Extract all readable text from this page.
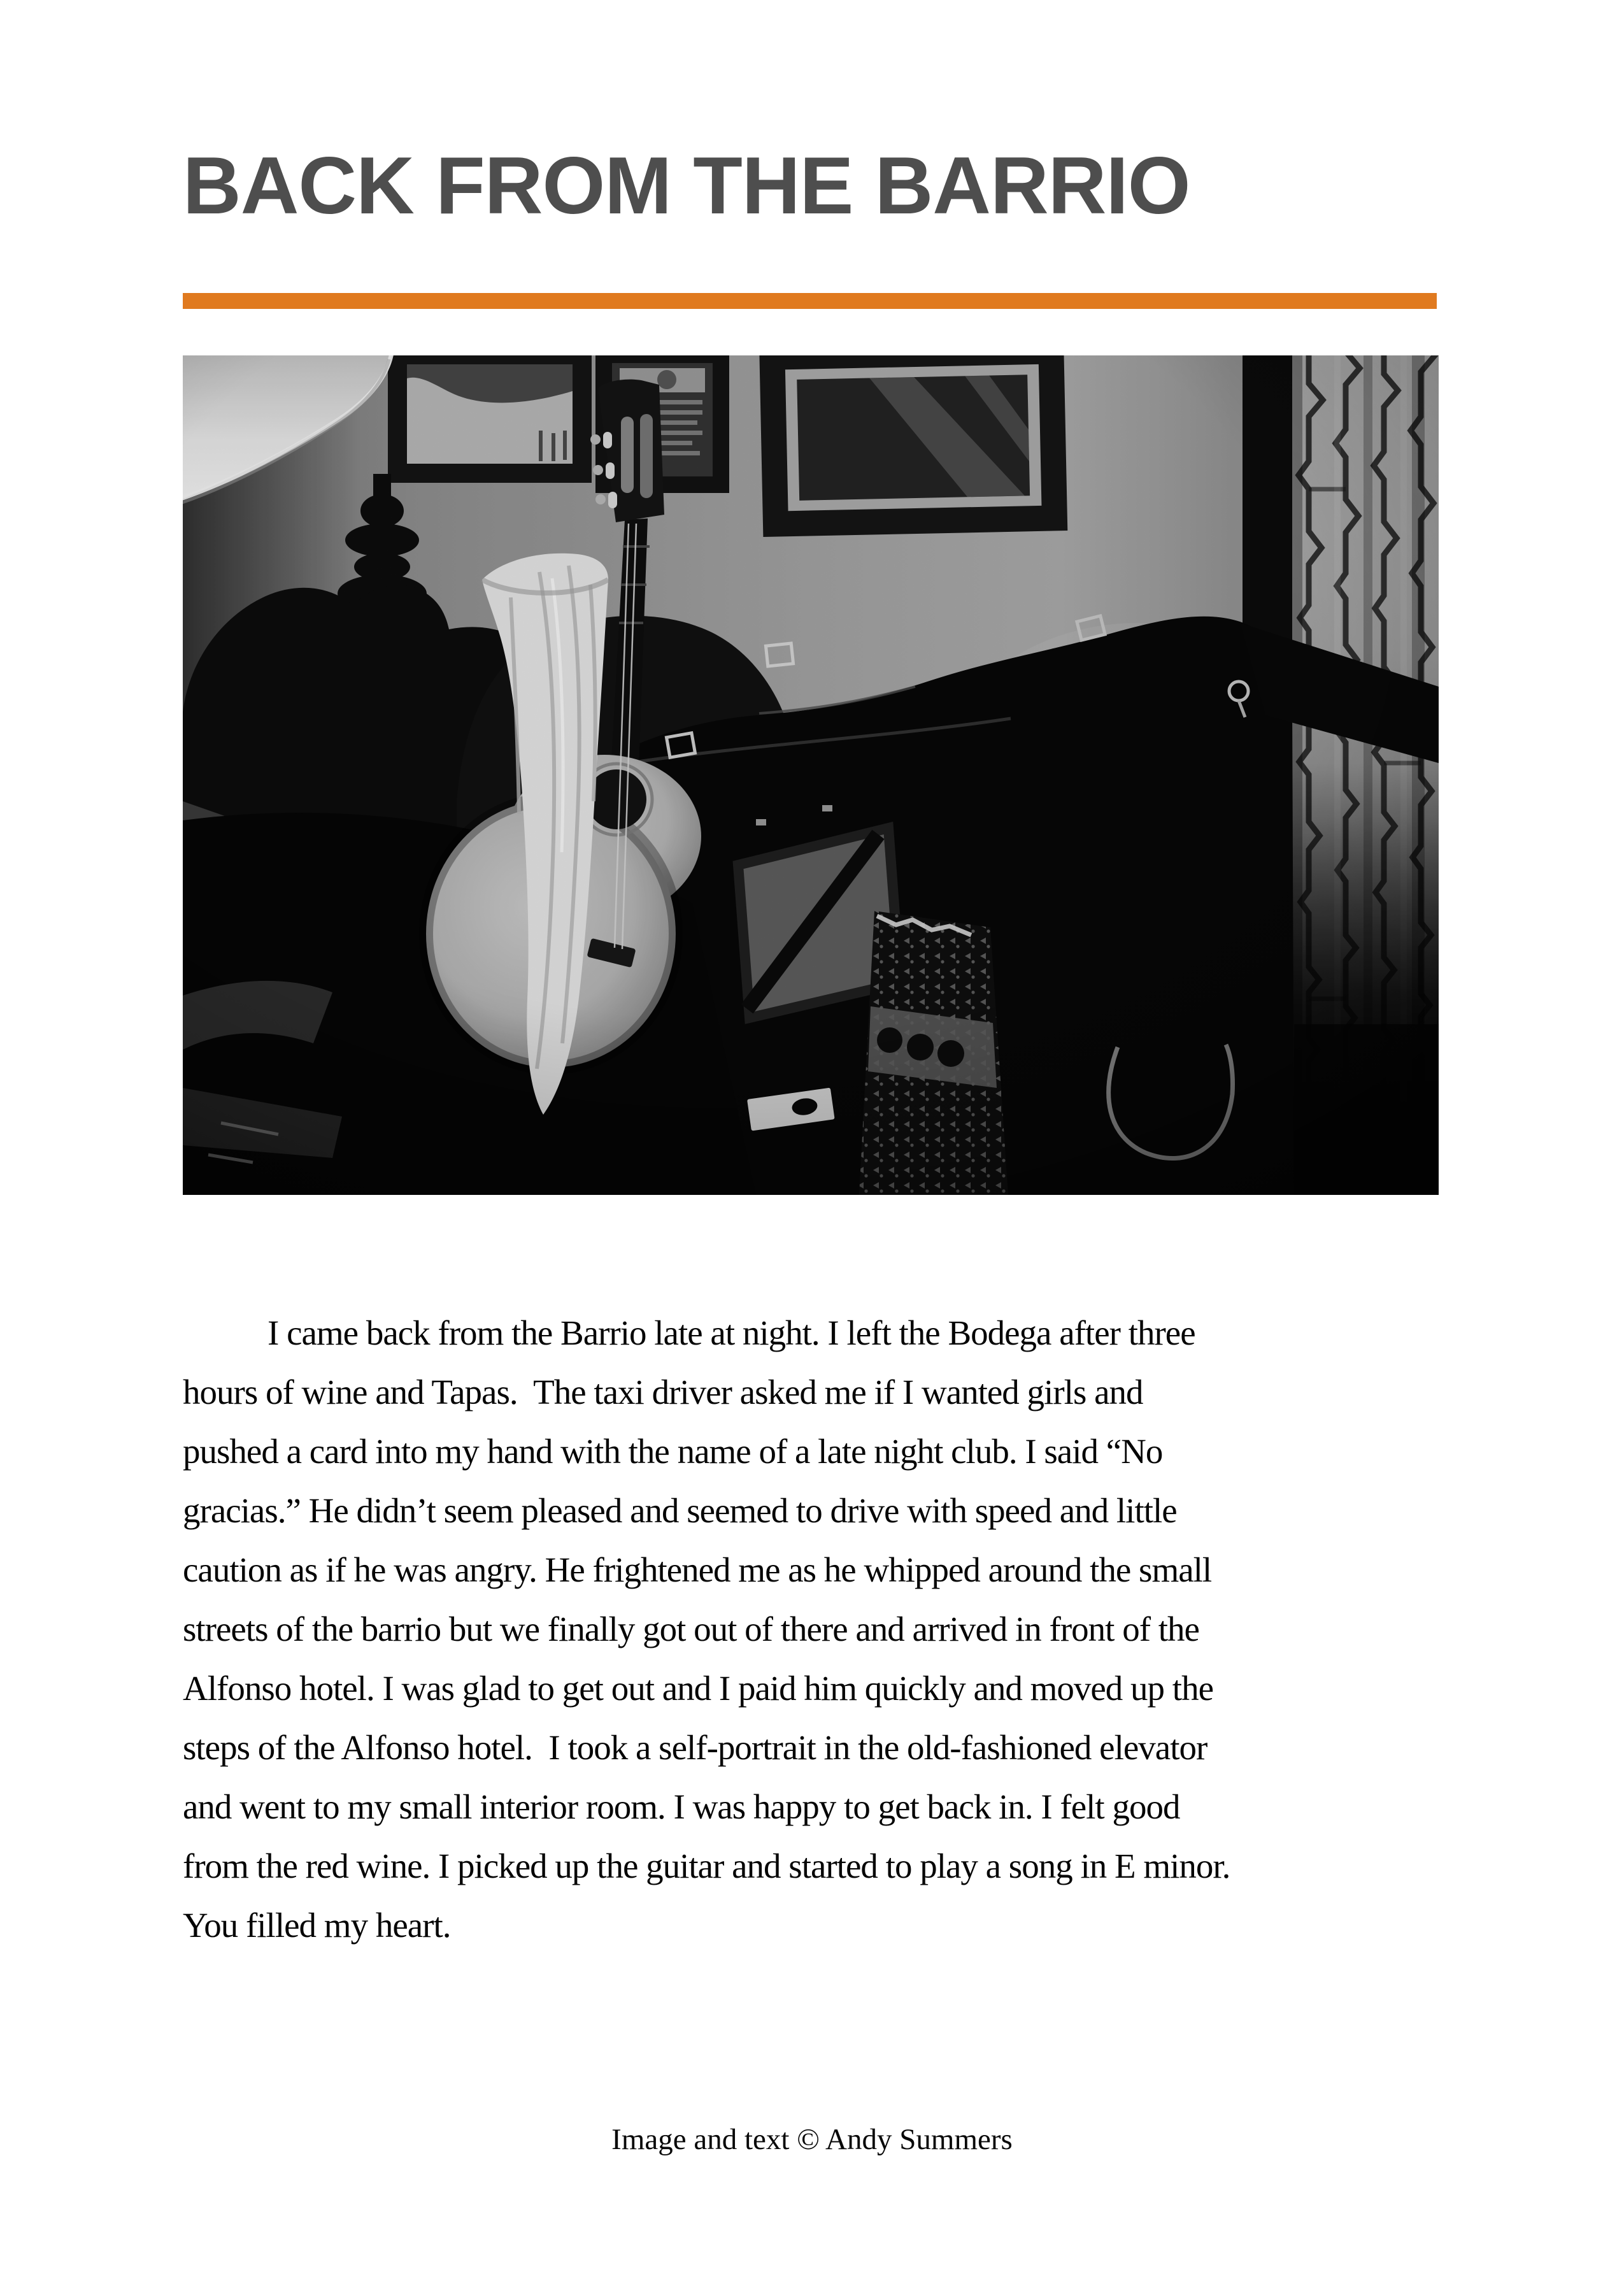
BACK FROM THE BARRIO
I came back from the Barrio late at night. I left the Bodega after three
hours of wine and Tapas.  The taxi driver asked me if I wanted girls and
pushed a card into my hand with the name of a late night club. I said “No
gracias.” He didn’t seem pleased and seemed to drive with speed and little
caution as if he was angry. He frightened me as he whipped around the small
streets of the barrio but we finally got out of there and arrived in front of the
Alfonso hotel. I was glad to get out and I paid him quickly and moved up the
steps of the Alfonso hotel.  I took a self-portrait in the old-fashioned elevator
and went to my small interior room. I was happy to get back in. I felt good
from the red wine. I picked up the guitar and started to play a song in E minor.
You filled my heart.
Image and text © Andy Summers
